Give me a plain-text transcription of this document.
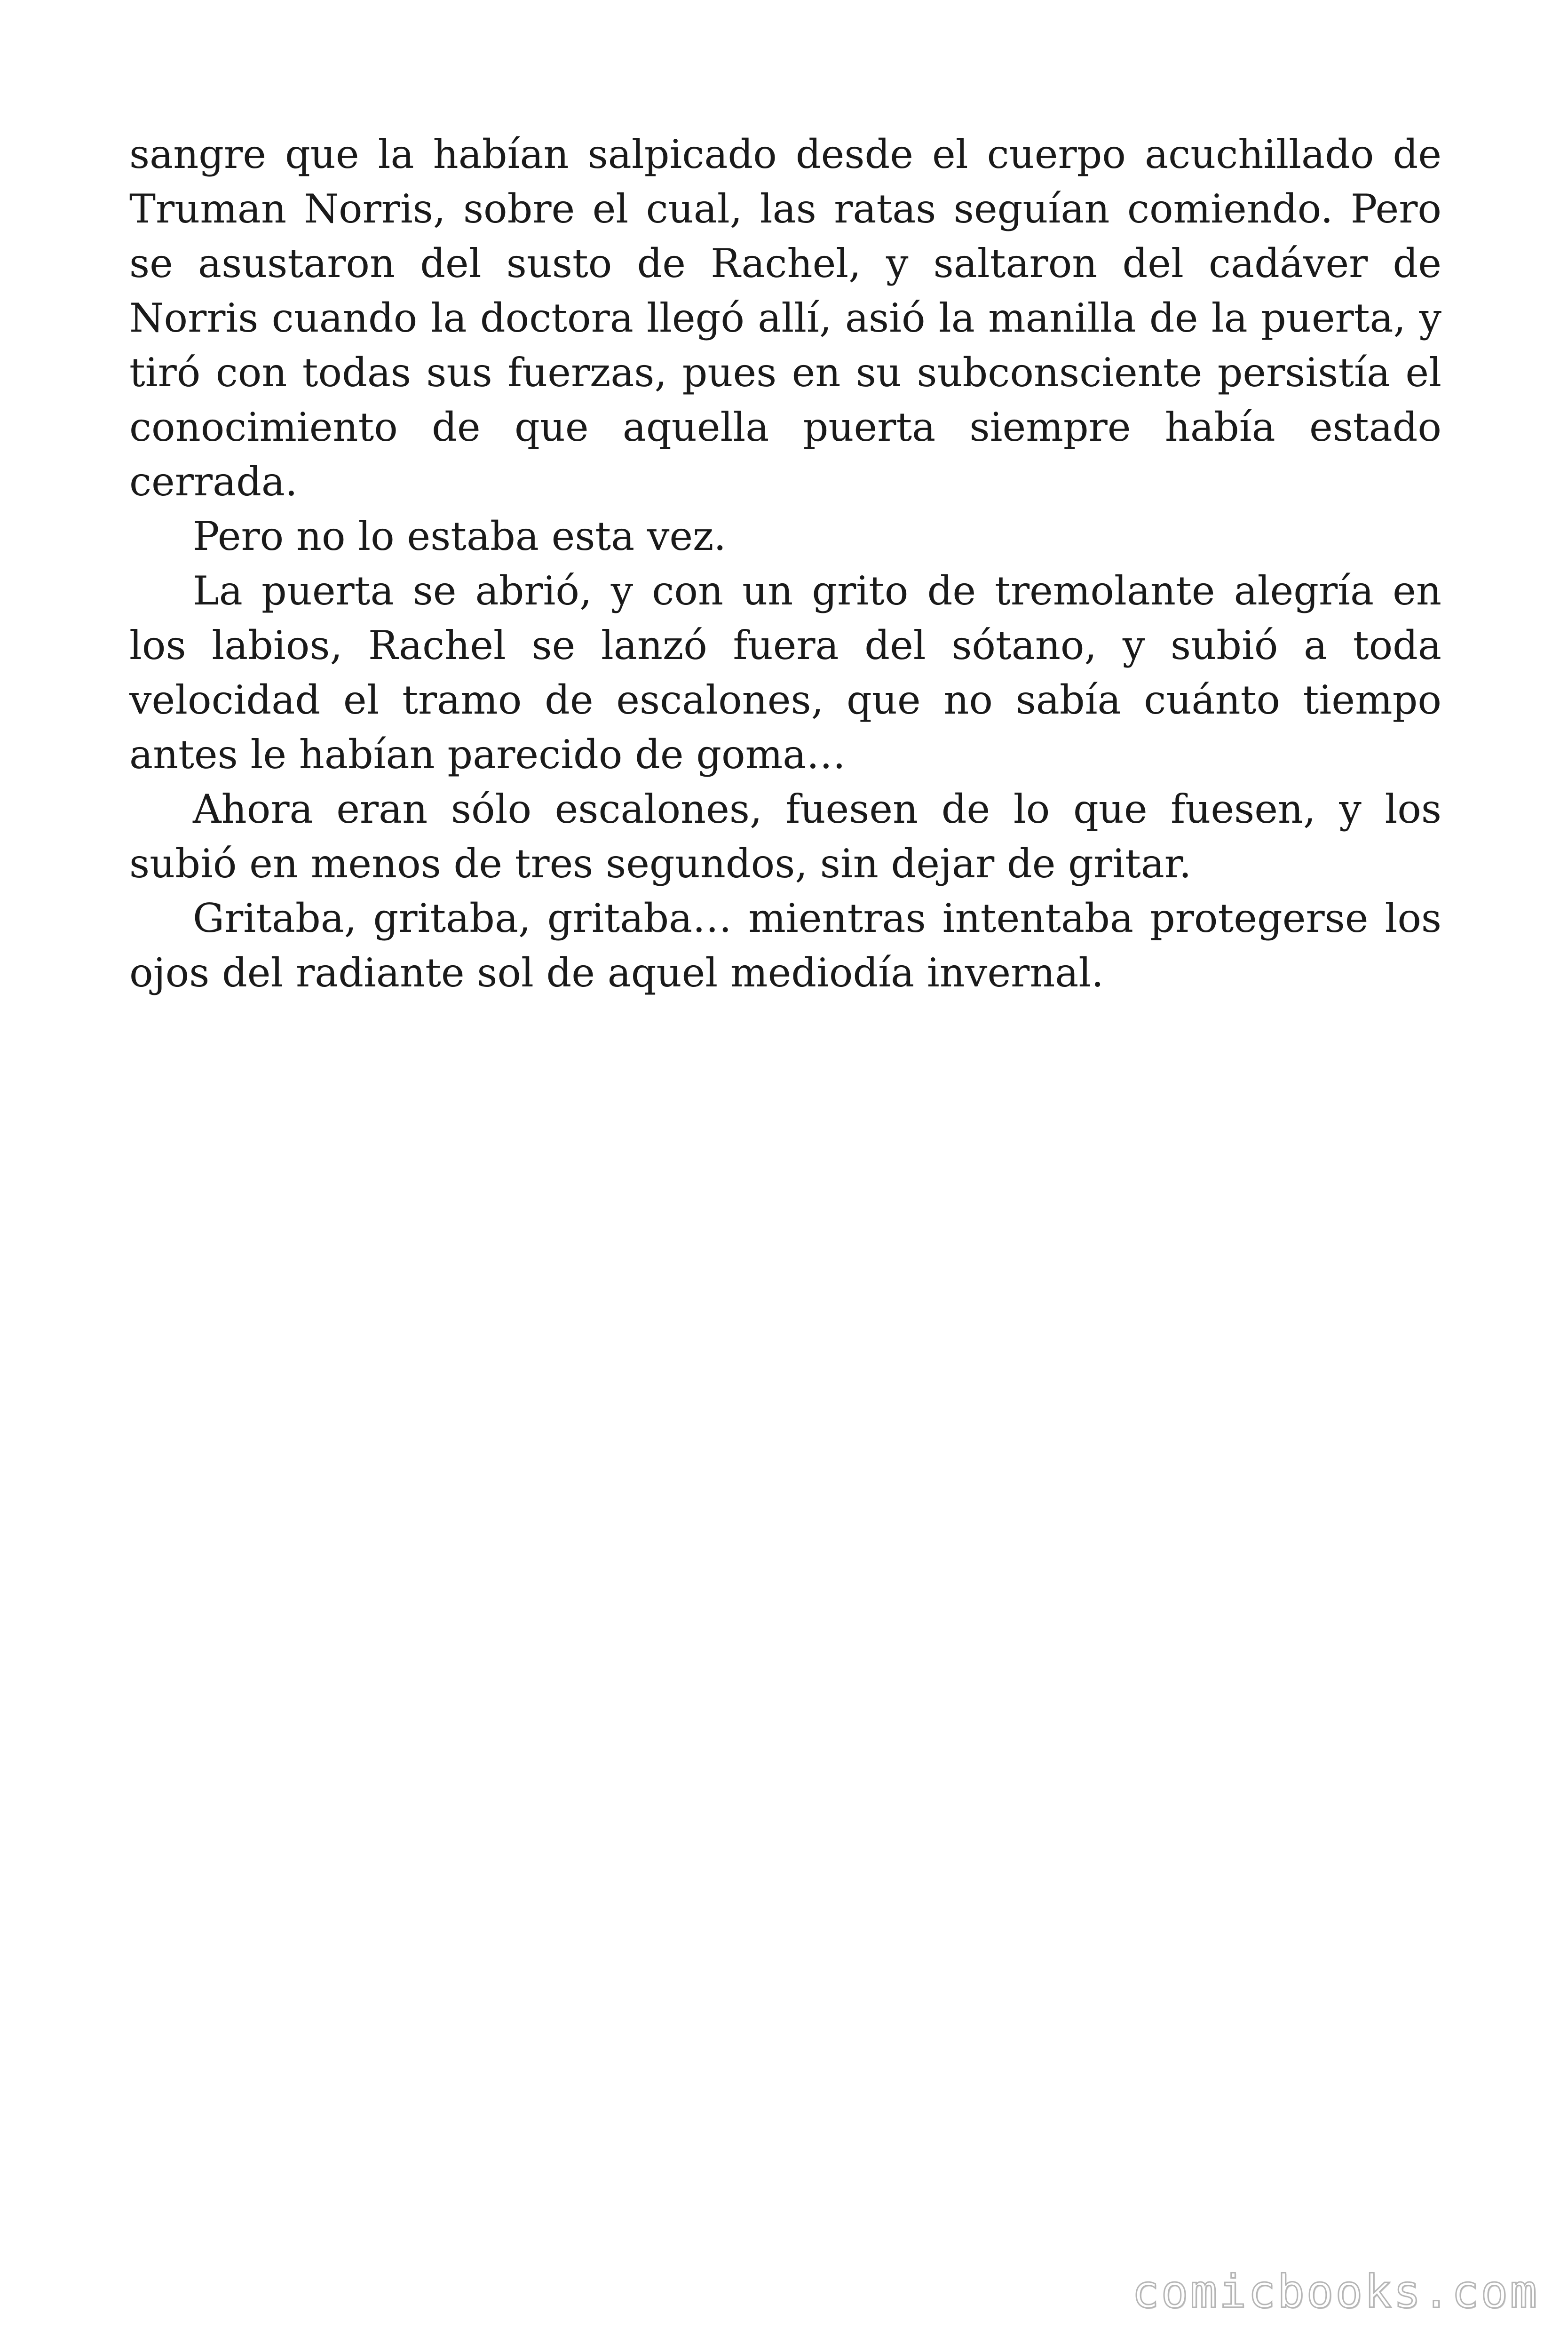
sangre que la habían salpicado desde el cuerpo acuchillado de Truman Norris, sobre el cual, las ratas seguían comiendo. Pero se asustaron del susto de Rachel, y saltaron del cadáver de Norris cuando la doctora llegó allí, asió la manilla de la puerta, y tiró con todas sus fuerzas, pues en su subconsciente persistía el conocimiento de que aquella puerta siempre había estado cerrada.

Pero no lo estaba esta vez.

La puerta se abrió, y con un grito de tremolante alegría en los labios, Rachel se lanzó fuera del sótano, y subió a toda velocidad el tramo de escalones, que no sabía cuánto tiempo antes le habían parecido de goma…

Ahora eran sólo escalones, fuesen de lo que fuesen, y los subió en menos de tres segundos, sin dejar de gritar.

Gritaba, gritaba, gritaba… mientras intentaba protegerse los ojos del radiante sol de aquel mediodía invernal.

comicbooks.com
